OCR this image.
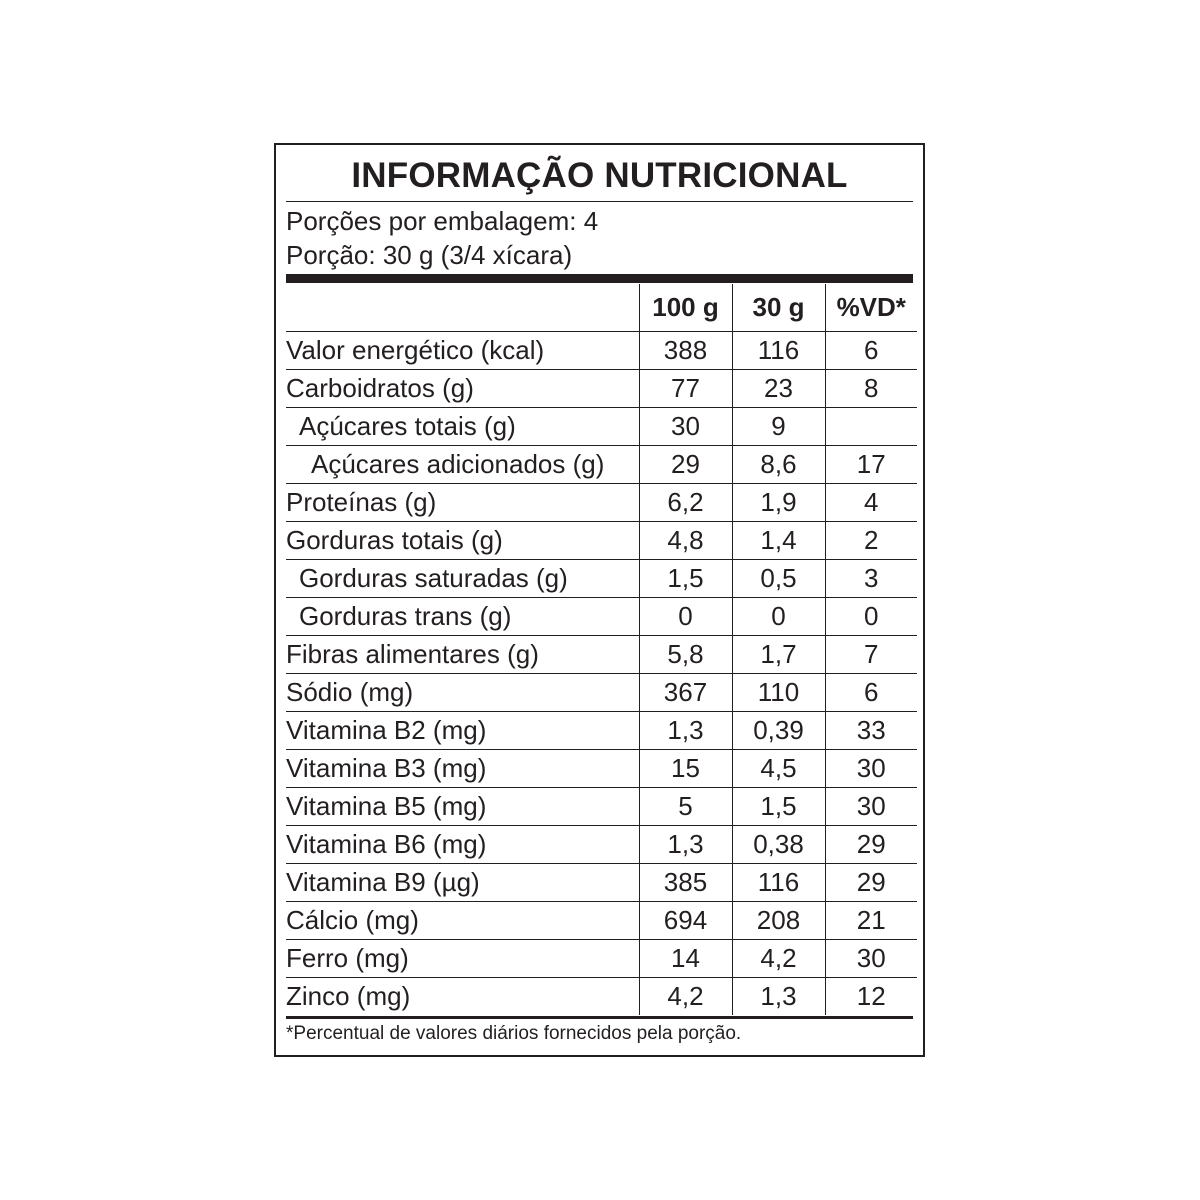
INFORMAÇÃO NUTRICIONAL
Porções por embalagem: 4
Porção: 30 g (3/4 xícara)
	100 g	30 g	%VD*
Valor energético (kcal)	388	116	6
Carboidratos (g)	77	23	8
Açúcares totais (g)	30	9	
Açúcares adicionados (g)	29	8,6	17
Proteínas (g)	6,2	1,9	4
Gorduras totais (g)	4,8	1,4	2
Gorduras saturadas (g)	1,5	0,5	3
Gorduras trans (g)	0	0	0
Fibras alimentares (g)	5,8	1,7	7
Sódio (mg)	367	110	6
Vitamina B2 (mg)	1,3	0,39	33
Vitamina B3 (mg)	15	4,5	30
Vitamina B5 (mg)	5	1,5	30
Vitamina B6 (mg)	1,3	0,38	29
Vitamina B9 (µg)	385	116	29
Cálcio (mg)	694	208	21
Ferro (mg)	14	4,2	30
Zinco (mg)	4,2	1,3	12
*Percentual de valores diários fornecidos pela porção.
